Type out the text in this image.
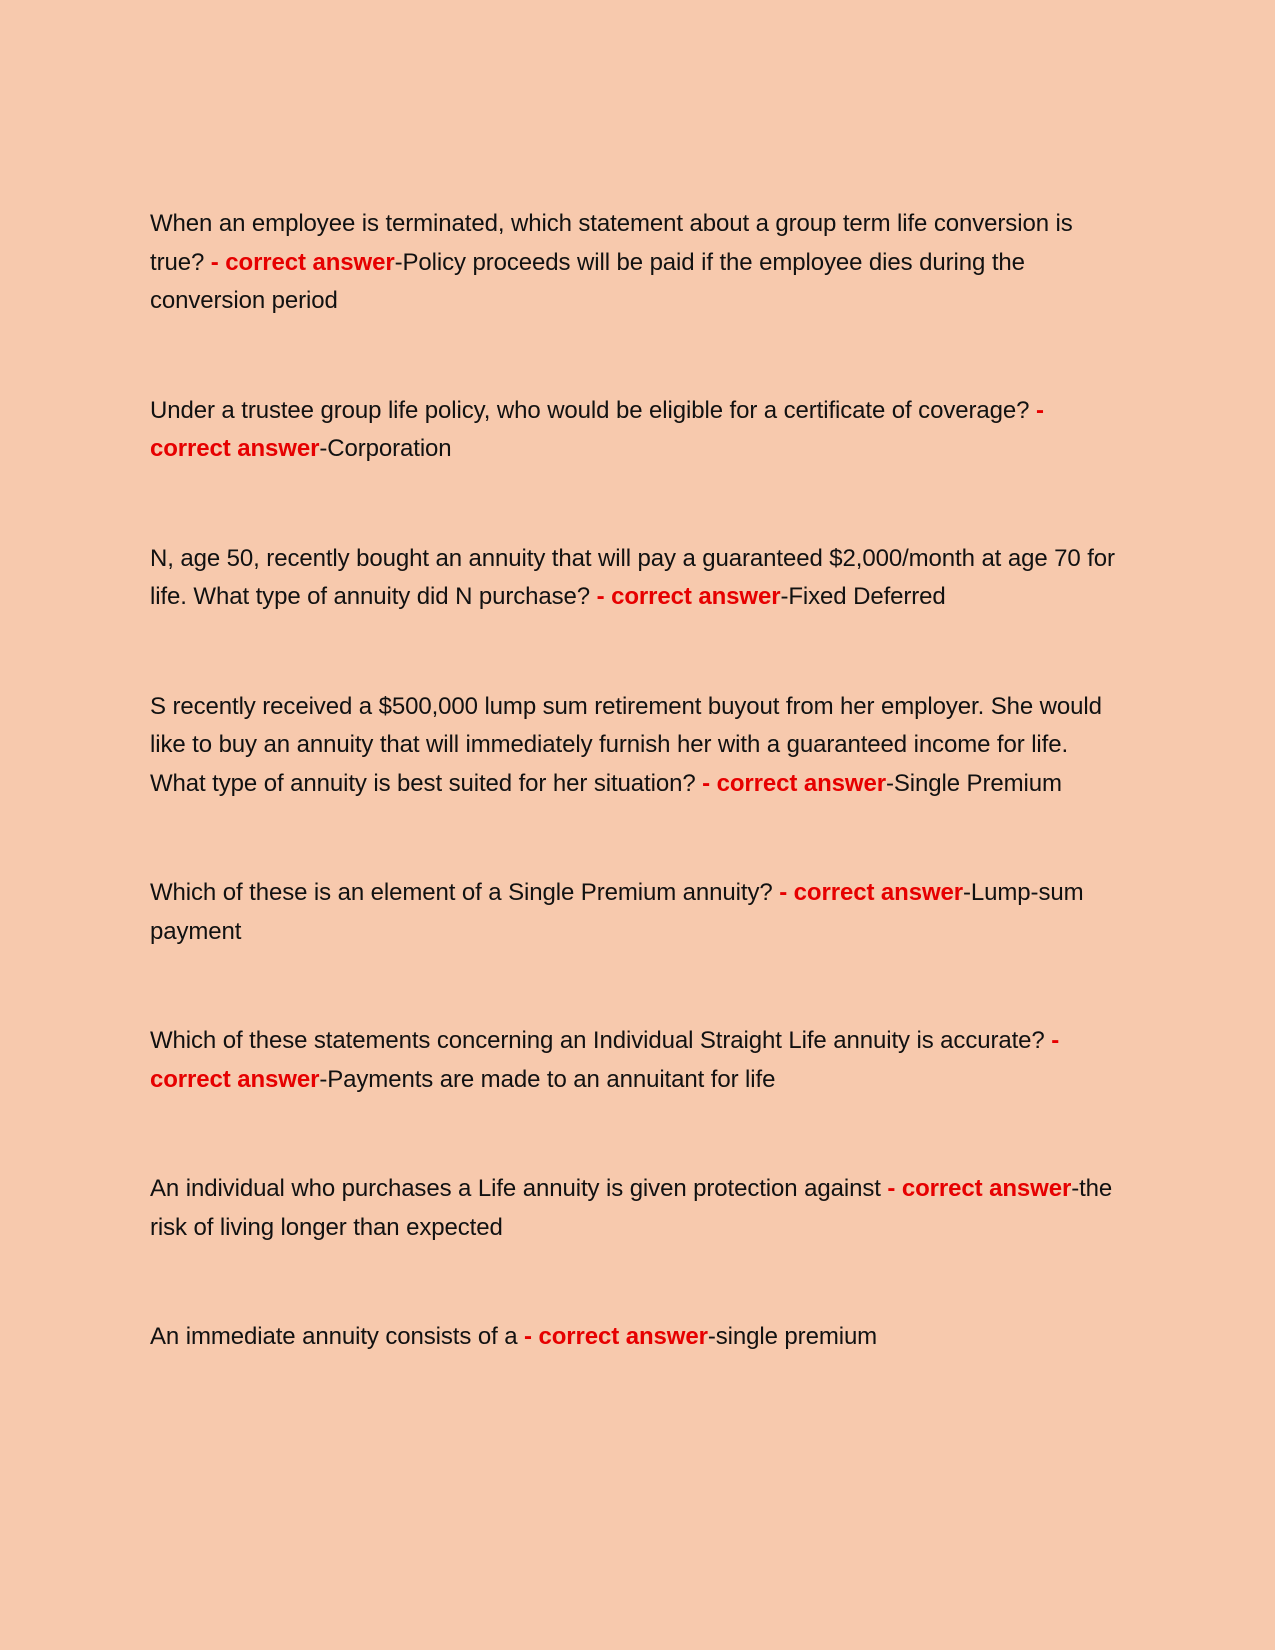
When an employee is terminated, which statement about a group term life conversion is true? - correct answer-Policy proceeds will be paid if the employee dies during the conversion period

Under a trustee group life policy, who would be eligible for a certificate of coverage? - correct answer-Corporation

N, age 50, recently bought an annuity that will pay a guaranteed $2,000/month at age 70 for life. What type of annuity did N purchase? - correct answer-Fixed Deferred

S recently received a $500,000 lump sum retirement buyout from her employer. She would like to buy an annuity that will immediately furnish her with a guaranteed income for life. What type of annuity is best suited for her situation? - correct answer-Single Premium

Which of these is an element of a Single Premium annuity? - correct answer-Lump-sum payment

Which of these statements concerning an Individual Straight Life annuity is accurate? - correct answer-Payments are made to an annuitant for life

An individual who purchases a Life annuity is given protection against - correct answer-the risk of living longer than expected

An immediate annuity consists of a - correct answer-single premium
